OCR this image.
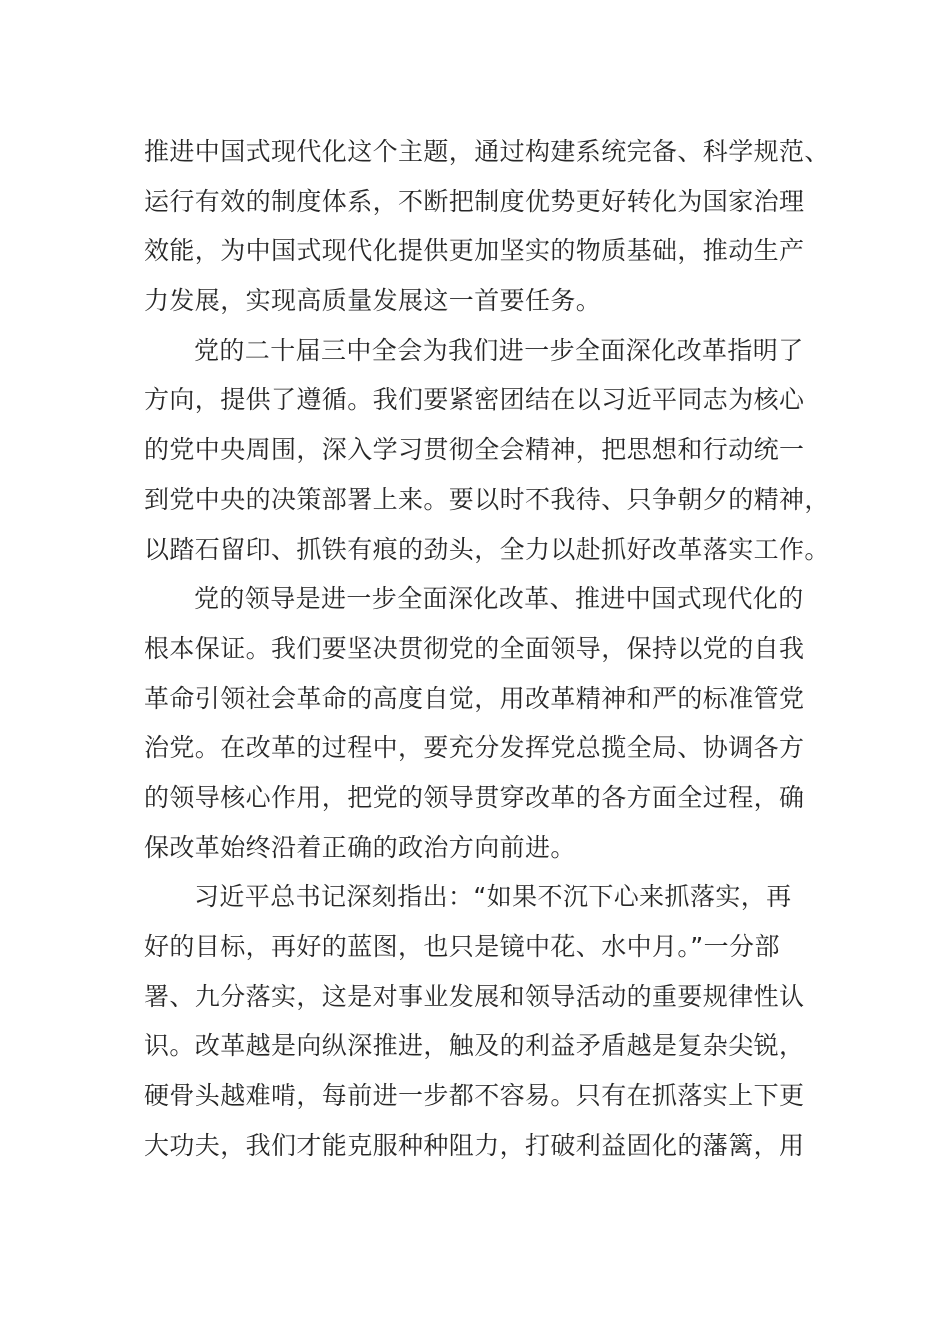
推进中国式现代化这个主题，通过构建系统完备、科学规范、
运行有效的制度体系，不断把制度优势更好转化为国家治理
效能，为中国式现代化提供更加坚实的物质基础，推动生产
力发展，实现高质量发展这一首要任务。
党的二十届三中全会为我们进一步全面深化改革指明了
方向，提供了遵循。我们要紧密团结在以习近平同志为核心
的党中央周围，深入学习贯彻全会精神，把思想和行动统一
到党中央的决策部署上来。要以时不我待、只争朝夕的精神，
以踏石留印、抓铁有痕的劲头，全力以赴抓好改革落实工作。
党的领导是进一步全面深化改革、推进中国式现代化的
根本保证。我们要坚决贯彻党的全面领导，保持以党的自我
革命引领社会革命的高度自觉，用改革精神和严的标准管党
治党。在改革的过程中，要充分发挥党总揽全局、协调各方
的领导核心作用，把党的领导贯穿改革的各方面全过程，确
保改革始终沿着正确的政治方向前进。
习近平总书记深刻指出：“如果不沉下心来抓落实，再
好的目标，再好的蓝图，也只是镜中花、水中月。”一分部
署、九分落实，这是对事业发展和领导活动的重要规律性认
识。改革越是向纵深推进，触及的利益矛盾越是复杂尖锐，
硬骨头越难啃，每前进一步都不容易。只有在抓落实上下更
大功夫，我们才能克服种种阻力，打破利益固化的藩篱，用
